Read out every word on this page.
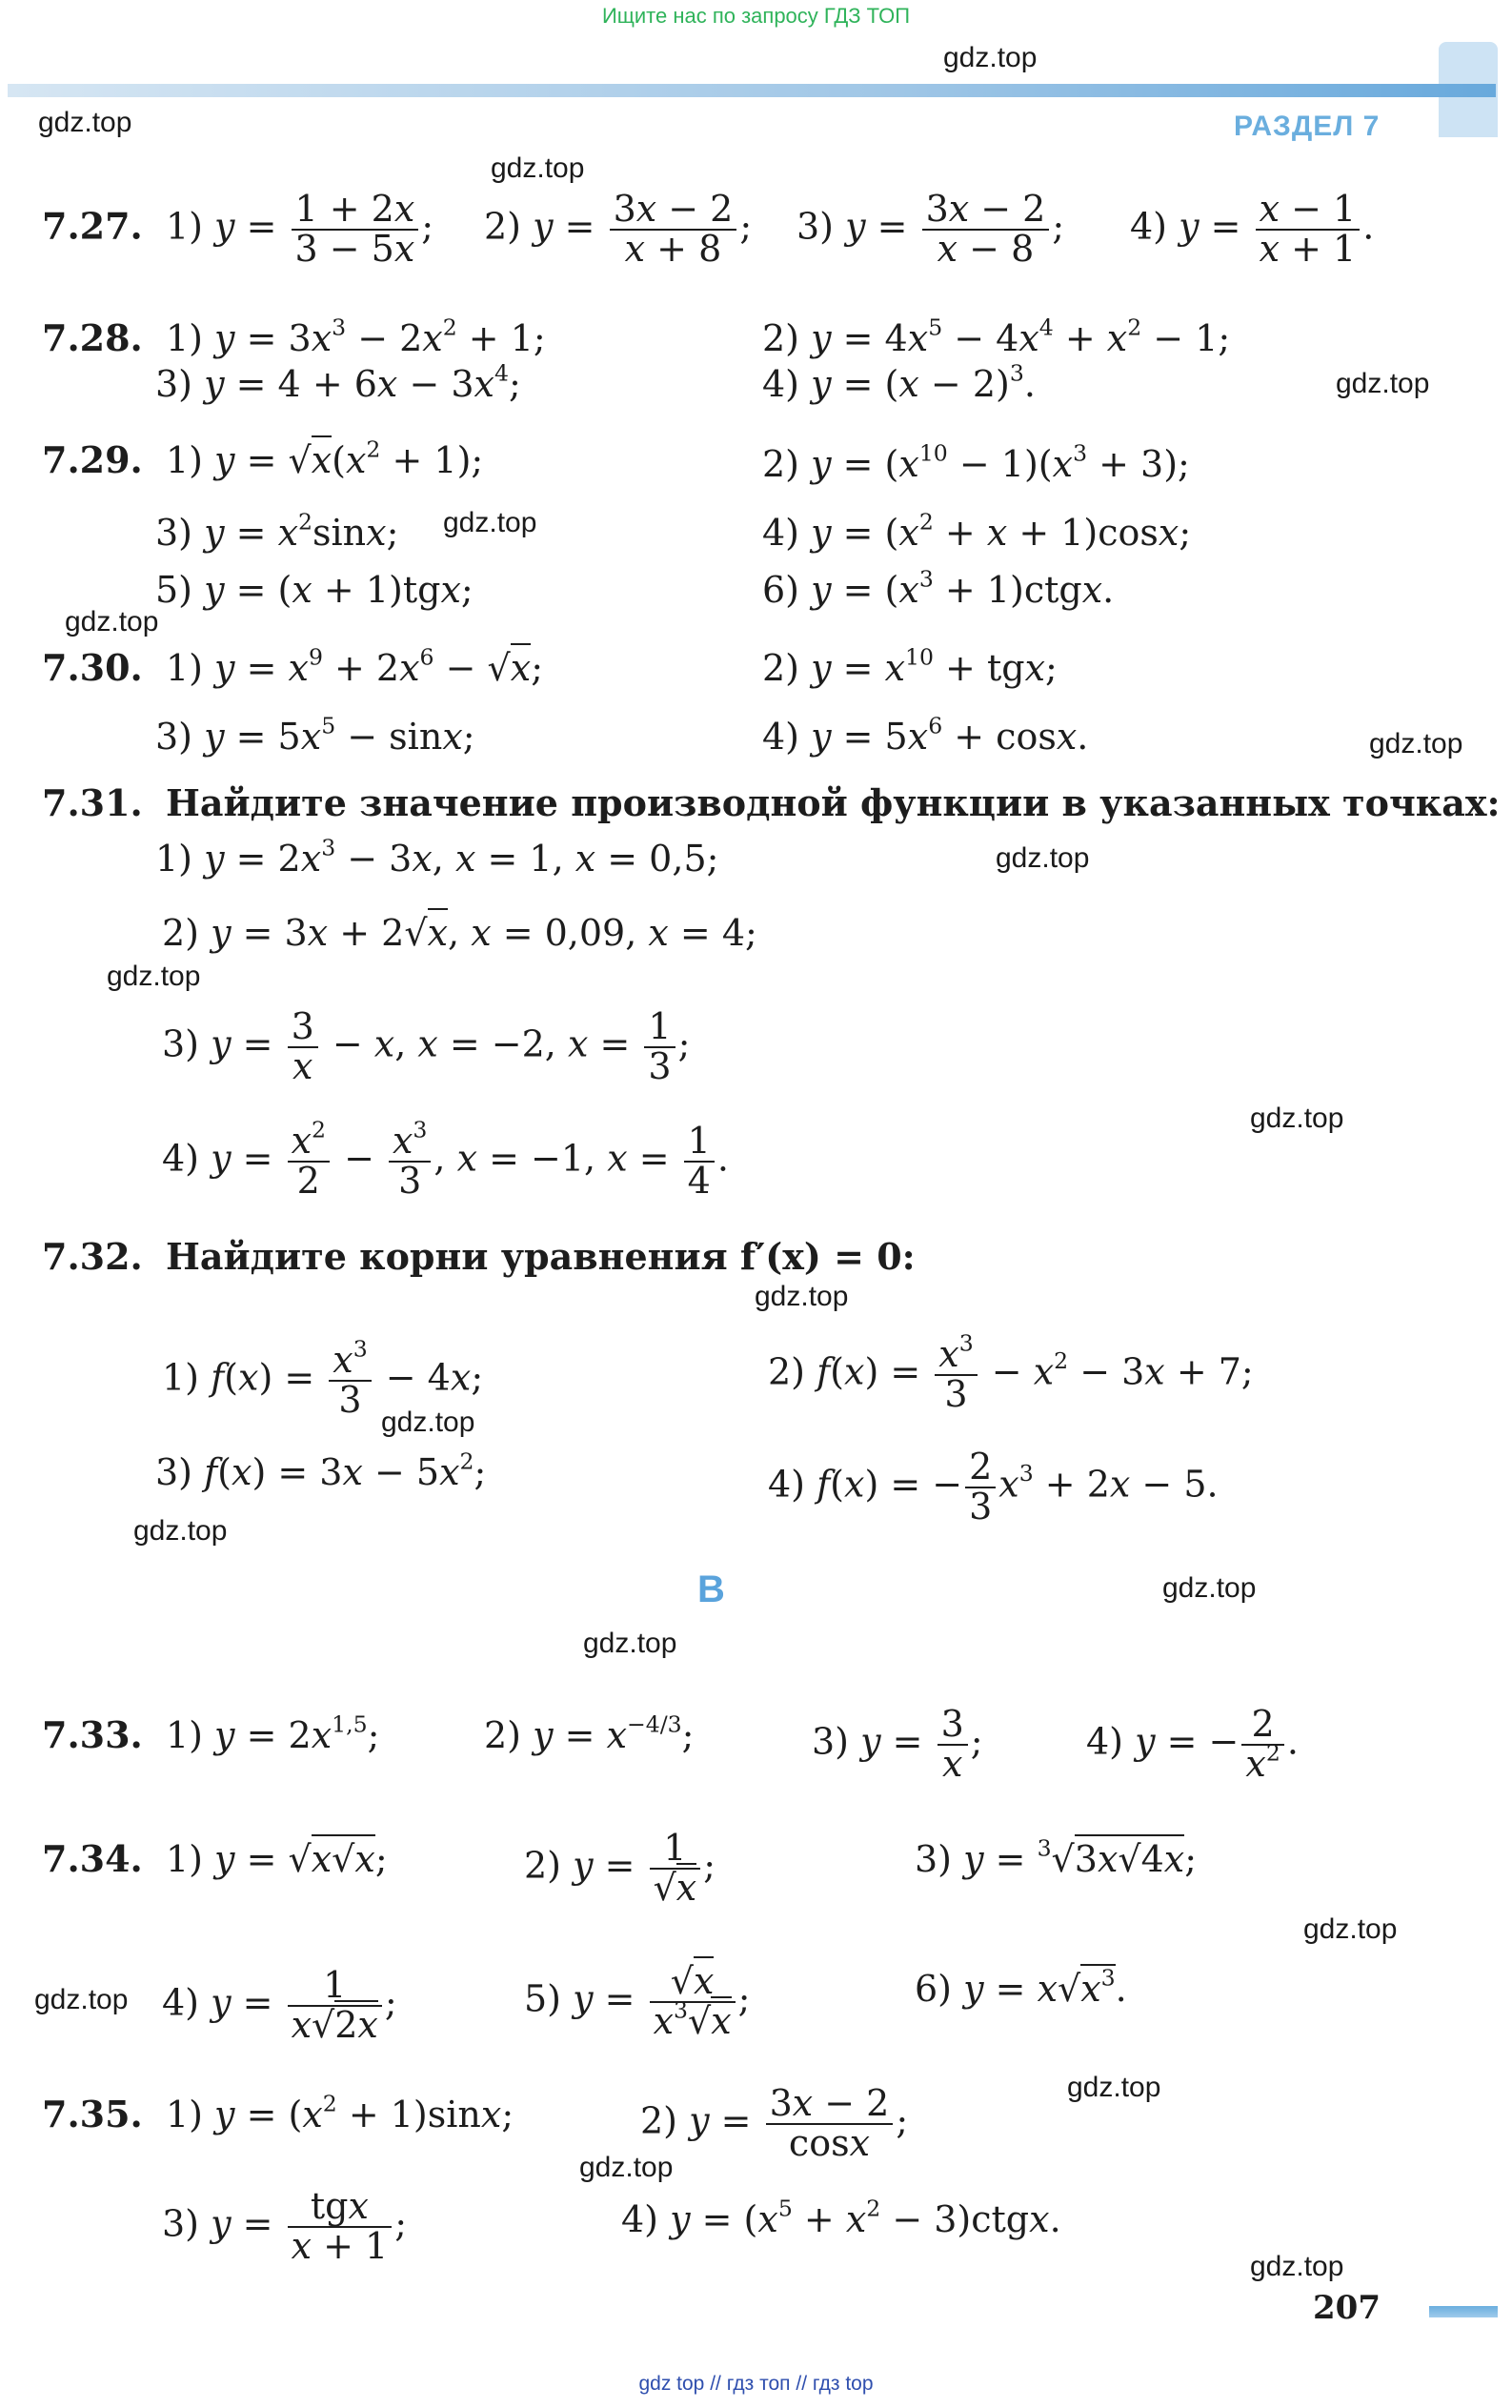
Ищите нас по запросу ГДЗ ТОП
РАЗДЕЛ 7
gdz.top
gdz.top
gdz.top
gdz.top
gdz.top
gdz.top
gdz.top
gdz.top
gdz.top
gdz.top
gdz.top
gdz.top
gdz.top
gdz.top
gdz.top
gdz.top
gdz.top
gdz.top
gdz.top
gdz.top
7.27.  1) $y = \frac{1 + 2x}{3 - 5x}$ ; 2) $y = \frac{3x - 2}{x + 8}$ ; 3) $y = \frac{3x - 2}{x - 8}$ ; 4) $y = \frac{x - 1}{x + 1}$ .
7.28.  1) $y = 3x^3 - 2x^2 + 1$;	2) $y = 4x^5 - 4x^4 + x^2 - 1$;
3) $y = 4 + 6x - 3x^4$;	4) $y = (x - 2)^3$.
7.29.  1) $y = √x(x^2 + 1)$;	2) $y = (x^{10} - 1)(x^3 + 3)$;
3) $y = x^2\sin x$;	4) $y = (x^2 + x + 1)\cos x$;
5) y = (x + 1)tgx;	6) $y = (x^3$ + 1)ctgx.
7.30.  1) $y = x^9 + 2x^6 - √x$;	2) $y = x^{10}$ + tgx;
3) $y = 5x^5 - \sin x$;	4) $y = 5x^6 + \cos x$.
7.31. Найдите значение производной функции в указанных точках:
1) $y = 2x^3 - 3x$, x = 1, x = 0,5;
2) y = 3x + 2√x, x = 0,09, x = 4;
3) $y = \frac{3}{x} - x$, x = −2, $x = \frac{1}{3}$ ;
4) $y = \frac{x^2}{2} - \frac{x^3}{3}$ , x = −1, $x = \frac{1}{4}$ .
7.32. Найдите корни уравнения f′(x) = 0:
1) $f(x) = \frac{x^3}{3} - 4x$;	2) $f(x) = \frac{x^3}{3} - x^2 - 3x + 7$;
3) $f(x) = 3x - 5x^2$;	4) f(x) = − $\frac{2}{3} x^3 + 2x - 5$.
B
7.33.  1) $y = 2x^{1,5}$;	2) $y = x^{-4/3}$;	3) $y = \frac{3}{x}$ ;	4) y = − $\frac{2}{x^2}$ .
7.34.  1) y = √x√x;	2) $y = \frac{1}{√x}$ ;	3) y = $^3$√3x√4x;
4) $y = \frac{1}{x√2x}$ ;	5) $y = \frac{√x}{x^3√x}$ ;	6) $y = x√x^3$.
7.35.  1) $y = (x^2 + 1)\sin x$;	2) $y = \frac{3x - 2}{\cos x}$ ;
3) $y = \frac{\text{tgx}}{x + 1}$ ;	4) $y = (x^5 + x^2$ − 3)ctgx.
207
gdz top // гдз топ // гдз top
